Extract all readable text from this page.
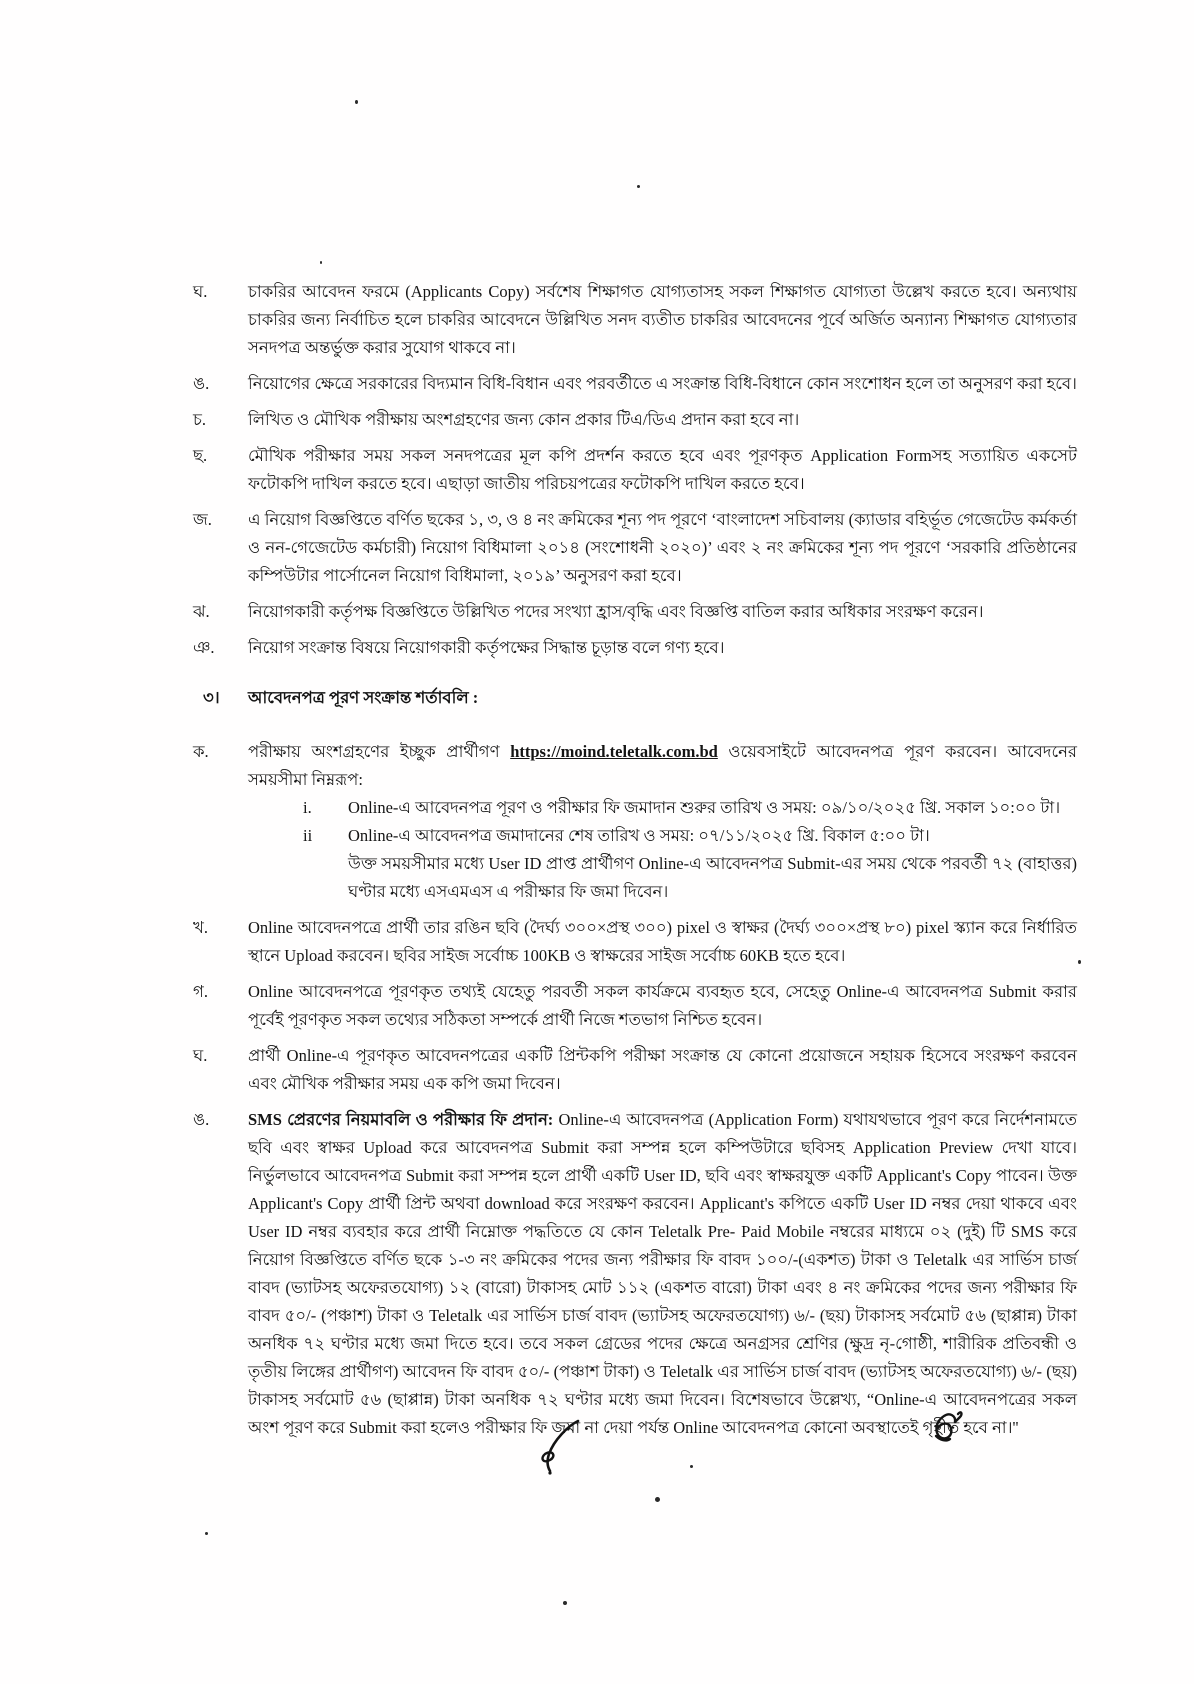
ঘ.	চাকরির আবেদন ফরমে (Applicants Copy) সর্বশেষ শিক্ষাগত যোগ্যতাসহ সকল শিক্ষাগত যোগ্যতা উল্লেখ করতে হবে। অন্যথায় চাকরির জন্য নির্বাচিত হলে চাকরির আবেদনে উল্লিখিত সনদ ব্যতীত চাকরির আবেদনের পূর্বে অর্জিত অন্যান্য শিক্ষাগত যোগ্যতার সনদপত্র অন্তর্ভুক্ত করার সুযোগ থাকবে না।

ঙ.	নিয়োগের ক্ষেত্রে সরকারের বিদ্যমান বিধি-বিধান এবং পরবর্তীতে এ সংক্রান্ত বিধি-বিধানে কোন সংশোধন হলে তা অনুসরণ করা হবে।

চ.	লিখিত ও মৌখিক পরীক্ষায় অংশগ্রহণের জন্য কোন প্রকার টিএ/ডিএ প্রদান করা হবে না।

ছ.	মৌখিক পরীক্ষার সময় সকল সনদপত্রের মূল কপি প্রদর্শন করতে হবে এবং পূরণকৃত Application Formসহ সত্যায়িত একসেট ফটোকপি দাখিল করতে হবে। এছাড়া জাতীয় পরিচয়পত্রের ফটোকপি দাখিল করতে হবে।

জ.	এ নিয়োগ বিজ্ঞপ্তিতে বর্ণিত ছকের ১, ৩, ও ৪ নং ক্রমিকের শূন্য পদ পূরণে ‘বাংলাদেশ সচিবালয় (ক্যাডার বহির্ভূত গেজেটেড কর্মকর্তা ও নন-গেজেটেড কর্মচারী) নিয়োগ বিধিমালা ২০১৪ (সংশোধনী ২০২০)’ এবং ২ নং ক্রমিকের শূন্য পদ পূরণে ‘সরকারি প্রতিষ্ঠানের কম্পিউটার পার্সোনেল নিয়োগ বিধিমালা, ২০১৯’ অনুসরণ করা হবে।

ঝ.	নিয়োগকারী কর্তৃপক্ষ বিজ্ঞপ্তিতে উল্লিখিত পদের সংখ্যা হ্রাস/বৃদ্ধি এবং বিজ্ঞপ্তি বাতিল করার অধিকার সংরক্ষণ করেন।

ঞ.	নিয়োগ সংক্রান্ত বিষয়ে নিয়োগকারী কর্তৃপক্ষের সিদ্ধান্ত চূড়ান্ত বলে গণ্য হবে।

৩।	আবেদনপত্র পূরণ সংক্রান্ত শর্তাবলি :
ক.	পরীক্ষায় অংশগ্রহণের ইচ্ছুক প্রার্থীগণ https://moind.teletalk.com.bd ওয়েবসাইটে আবেদনপত্র পূরণ করবেন। আবেদনের সময়সীমা নিম্নরূপ:

i.	Online-এ আবেদনপত্র পূরণ ও পরীক্ষার ফি জমাদান শুরুর তারিখ ও সময়: ০৯/১০/২০২৫ খ্রি. সকাল ১০:০০ টা।

ii	Online-এ আবেদনপত্র জমাদানের শেষ তারিখ ও সময়: ০৭/১১/২০২৫ খ্রি. বিকাল ৫:০০ টা।

উক্ত সময়সীমার মধ্যে User ID প্রাপ্ত প্রার্থীগণ Online-এ আবেদনপত্র Submit-এর সময় থেকে পরবর্তী ৭২ (বাহাত্তর) ঘণ্টার মধ্যে এসএমএস এ পরীক্ষার ফি জমা দিবেন।

খ.	Online আবেদনপত্রে প্রার্থী তার রঙিন ছবি (দৈর্ঘ্য ৩০০×প্রস্থ ৩০০) pixel ও স্বাক্ষর (দৈর্ঘ্য ৩০০×প্রস্থ ৮০) pixel স্ক্যান করে নির্ধারিত স্থানে Upload করবেন। ছবির সাইজ সর্বোচ্চ 100KB ও স্বাক্ষরের সাইজ সর্বোচ্চ 60KB হতে হবে।

গ.	Online আবেদনপত্রে পূরণকৃত তথ্যই যেহেতু পরবর্তী সকল কার্যক্রমে ব্যবহৃত হবে, সেহেতু Online-এ আবেদনপত্র Submit করার পূর্বেই পূরণকৃত সকল তথ্যের সঠিকতা সম্পর্কে প্রার্থী নিজে শতভাগ নিশ্চিত হবেন।

ঘ.	প্রার্থী Online-এ পূরণকৃত আবেদনপত্রের একটি প্রিন্টকপি পরীক্ষা সংক্রান্ত যে কোনো প্রয়োজনে সহায়ক হিসেবে সংরক্ষণ করবেন এবং মৌখিক পরীক্ষার সময় এক কপি জমা দিবেন।

ঙ.	SMS প্রেরণের নিয়মাবলি ও পরীক্ষার ফি প্রদান: Online-এ আবেদনপত্র (Application Form) যথাযথভাবে পূরণ করে নির্দেশনামতে ছবি এবং স্বাক্ষর Upload করে আবেদনপত্র Submit করা সম্পন্ন হলে কম্পিউটারে ছবিসহ Application Preview দেখা যাবে। নির্ভুলভাবে আবেদনপত্র Submit করা সম্পন্ন হলে প্রার্থী একটি User ID, ছবি এবং স্বাক্ষরযুক্ত একটি Applicant's Copy পাবেন। উক্ত Applicant's Copy প্রার্থী প্রিন্ট অথবা download করে সংরক্ষণ করবেন। Applicant's কপিতে একটি User ID নম্বর দেয়া থাকবে এবং User ID নম্বর ব্যবহার করে প্রার্থী নিম্নোক্ত পদ্ধতিতে যে কোন Teletalk Pre- Paid Mobile নম্বরের মাধ্যমে ০২ (দুই) টি SMS করে নিয়োগ বিজ্ঞপ্তিতে বর্ণিত ছকে ১-৩ নং ক্রমিকের পদের জন্য পরীক্ষার ফি বাবদ ১০০/-(একশত) টাকা ও Teletalk এর সার্ভিস চার্জ বাবদ (ভ্যাটসহ অফেরতযোগ্য) ১২ (বারো) টাকাসহ মোট ১১২ (একশত বারো) টাকা এবং ৪ নং ক্রমিকের পদের জন্য পরীক্ষার ফি বাবদ ৫০/- (পঞ্চাশ) টাকা ও Teletalk এর সার্ভিস চার্জ বাবদ (ভ্যাটসহ অফেরতযোগ্য) ৬/- (ছয়) টাকাসহ সর্বমোট ৫৬ (ছাপ্পান্ন) টাকা অনধিক ৭২ ঘণ্টার মধ্যে জমা দিতে হবে। তবে সকল গ্রেডের পদের ক্ষেত্রে অনগ্রসর শ্রেণির (ক্ষুদ্র নৃ-গোষ্ঠী, শারীরিক প্রতিবন্ধী ও তৃতীয় লিঙ্গের প্রার্থীগণ) আবেদন ফি বাবদ ৫০/- (পঞ্চাশ টাকা) ও Teletalk এর সার্ভিস চার্জ বাবদ (ভ্যাটসহ অফেরতযোগ্য) ৬/- (ছয়) টাকাসহ সর্বমোট ৫৬ (ছাপ্পান্ন) টাকা অনধিক ৭২ ঘণ্টার মধ্যে জমা দিবেন। বিশেষভাবে উল্লেখ্য, “Online-এ আবেদনপত্রের সকল অংশ পূরণ করে Submit করা হলেও পরীক্ষার ফি জমা না দেয়া পর্যন্ত Online আবেদনপত্র কোনো অবস্থাতেই গৃহীত হবে না।''
